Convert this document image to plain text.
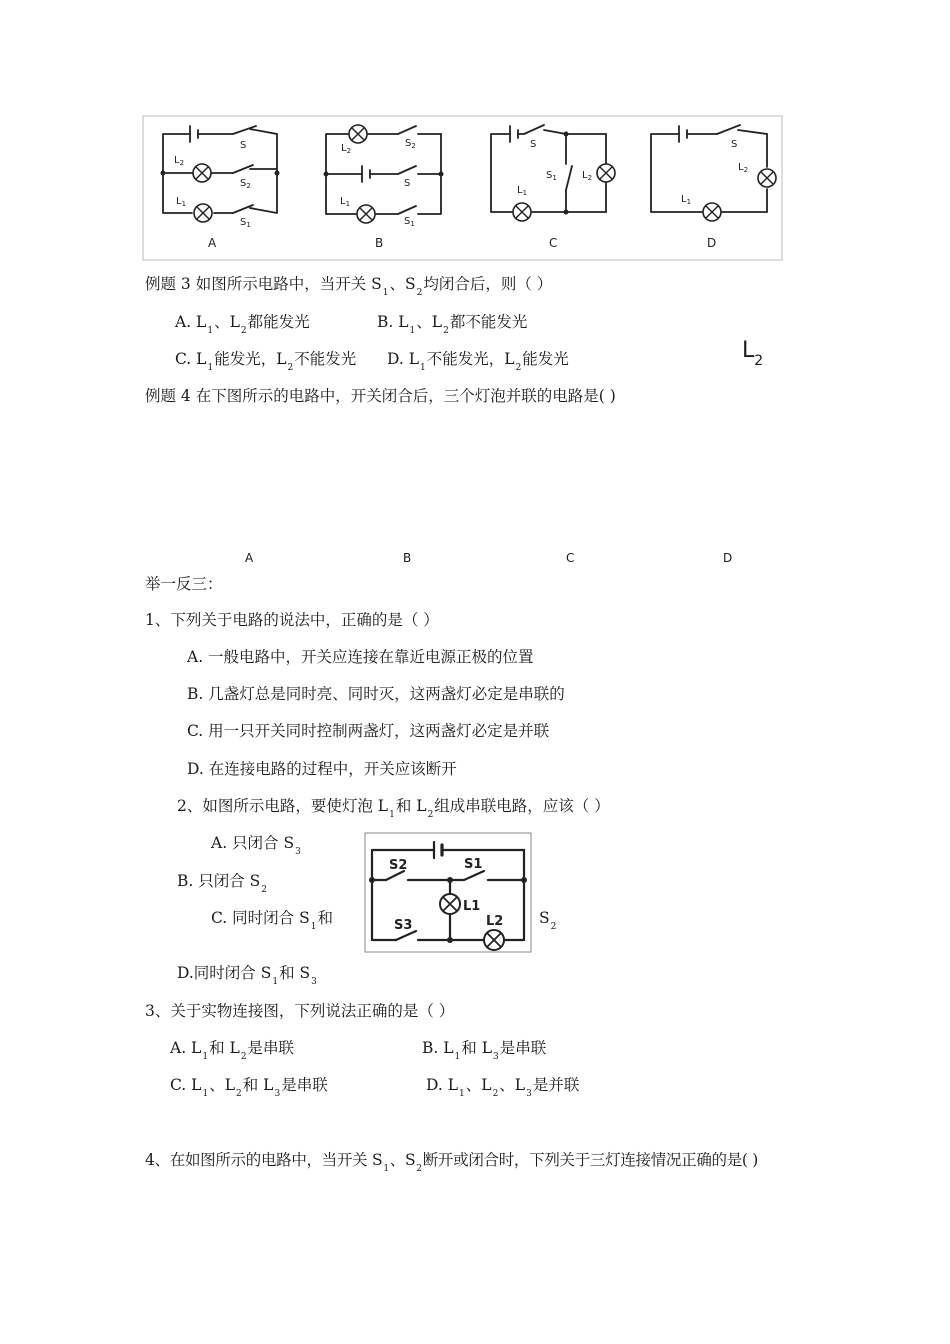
S
$L_2$
$S_2$
$L_1$
$S_1$
$L_2$
$S_2$
S
$L_1$
$S_1$
S
$S_1$	$L_2$
$L_1$
S
$L_2$
$L_1$
A	B	C	D
例题 3 如图所示电路中，当开关 $S_1$、$S_2$均闭合后，则（ ）
A. $L_1$、$L_2$都能发光	B. $L_1$、$L_2$都不能发光
C. $L_1$能发光，$L_2$不能发光 D. $L_1$不能发光，$L_2$能发光	$L_2$
例题 4 在下图所示的电路中，开关闭合后，三个灯泡并联的电路是( )
A	B	C	D
举一反三：
1、下列关于电路的说法中，正确的是（ ）
A. 一般电路中，开关应连接在靠近电源正极的位置
B. 几盏灯总是同时亮、同时灭，这两盏灯必定是串联的
C. 用一只开关同时控制两盏灯，这两盏灯必定是并联
D. 在连接电路的过程中，开关应该断开
2、如图所示电路，要使灯泡 $L_1$和 $L_2$组成串联电路，应该（ ）
A. 只闭合 $S_3$
B. 只闭合 $S_2$
C. 同时闭合 $S_1$和	$S_2$
D.同时闭合 $S_1$和 $S_3$
S2	S1
L1
S3	L2
3、关于实物连接图，下列说法正确的是（ ）
A. $L_1$和 $L_2$是串联	B. $L_1$和 $L_3$是串联
C. $L_1$、$L_2$和 $L_3$是串联	D. $L_1$、$L_2$、$L_3$是并联
4、在如图所示的电路中，当开关 $S_1$、$S_2$断开或闭合时，下列关于三灯连接情况正确的是( )
